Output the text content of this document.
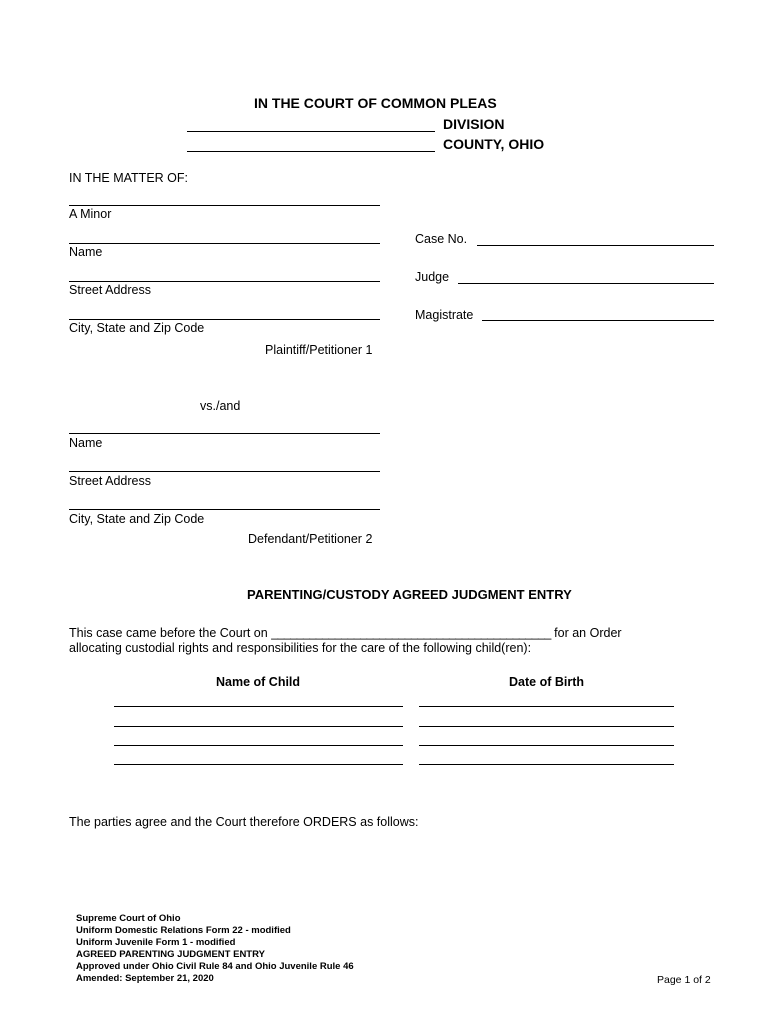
IN THE COURT OF COMMON PLEAS
DIVISION
COUNTY, OHIO
IN THE MATTER OF:
A Minor
Name
Street Address
City, State and Zip Code
Plaintiff/Petitioner 1
vs./and
Name
Street Address
City, State and Zip Code
Defendant/Petitioner 2
Case No.
Judge
Magistrate
PARENTING/CUSTODY AGREED JUDGMENT ENTRY
This case came before the Court on ____________________________________________ for an Order
allocating custodial rights and responsibilities for the care of the following child(ren):
Name of Child	Date of Birth
The parties agree and the Court therefore ORDERS as follows:
Supreme Court of Ohio
Uniform Domestic Relations Form 22 - modified
Uniform Juvenile Form 1 - modified
AGREED PARENTING JUDGMENT ENTRY
Approved under Ohio Civil Rule 84 and Ohio Juvenile Rule 46
Amended: September 21, 2020	Page 1 of 2
